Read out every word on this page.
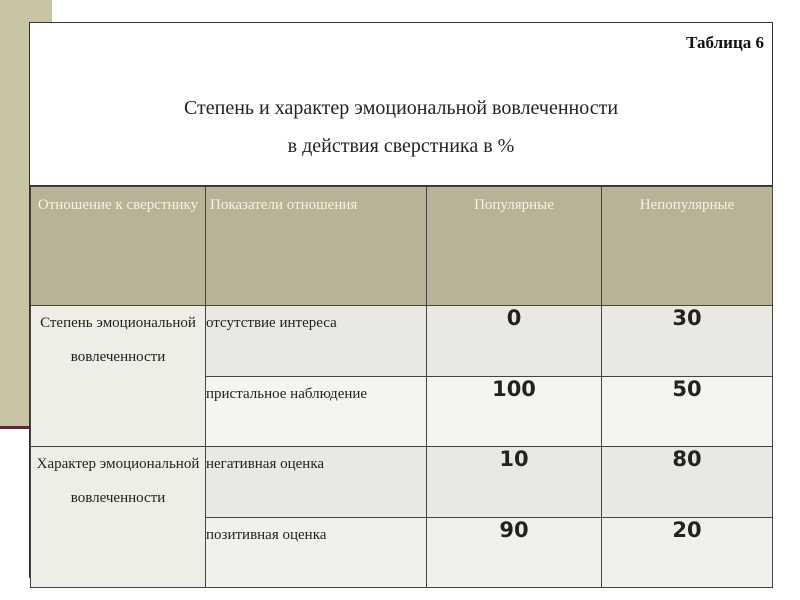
Таблица 6
Степень и характер эмоциональной вовлеченности
в действия сверстника в %
Отношение к сверстнику	Показатели отношения	Популярные	Непопулярные
Степень эмоциональной вовлеченности	отсутствие интереса	0	30
	пристальное наблюдение	100	50
Характер эмоциональной вовлеченности	негативная оценка	10	80
	позитивная оценка	90	20
